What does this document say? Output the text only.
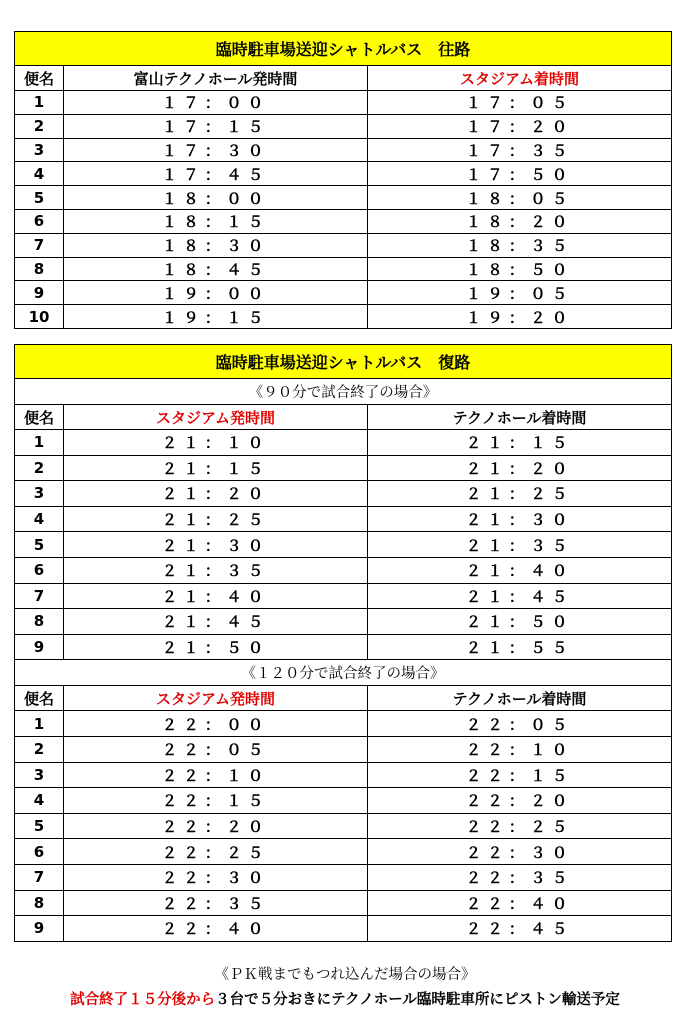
臨時駐車場送迎シャトルバス　往路		
便名	富山テクノホール発時間	スタジアム着時間
1	１７：００	１７：０５
2	１７：１５	１７：２０
3	１７：３０	１７：３５
4	１７：４５	１７：５０
5	１８：００	１８：０５
6	１８：１５	１８：２０
7	１８：３０	１８：３５
8	１８：４５	１８：５０
9	１９：００	１９：０５
10	１９：１５	１９：２０
臨時駐車場送迎シャトルバス　復路		
《９０分で試合終了の場合》		
便名	スタジアム発時間	テクノホール着時間
1	２１：１０	２１：１５
2	２１：１５	２１：２０
3	２１：２０	２１：２５
4	２１：２５	２１：３０
5	２１：３０	２１：３５
6	２１：３５	２１：４０
7	２１：４０	２１：４５
8	２１：４５	２１：５０
9	２１：５０	２１：５５
《１２０分で試合終了の場合》		
便名	スタジアム発時間	テクノホール着時間
1	２２：００	２２：０５
2	２２：０５	２２：１０
3	２２：１０	２２：１５
4	２２：１５	２２：２０
5	２２：２０	２２：２５
6	２２：２５	２２：３０
7	２２：３０	２２：３５
8	２２：３５	２２：４０
9	２２：４０	２２：４５
《ＰＫ戦までもつれ込んだ場合の場合》
試合終了１５分後から３台で５分おきにテクノホール臨時駐車所にピストン輸送予定
